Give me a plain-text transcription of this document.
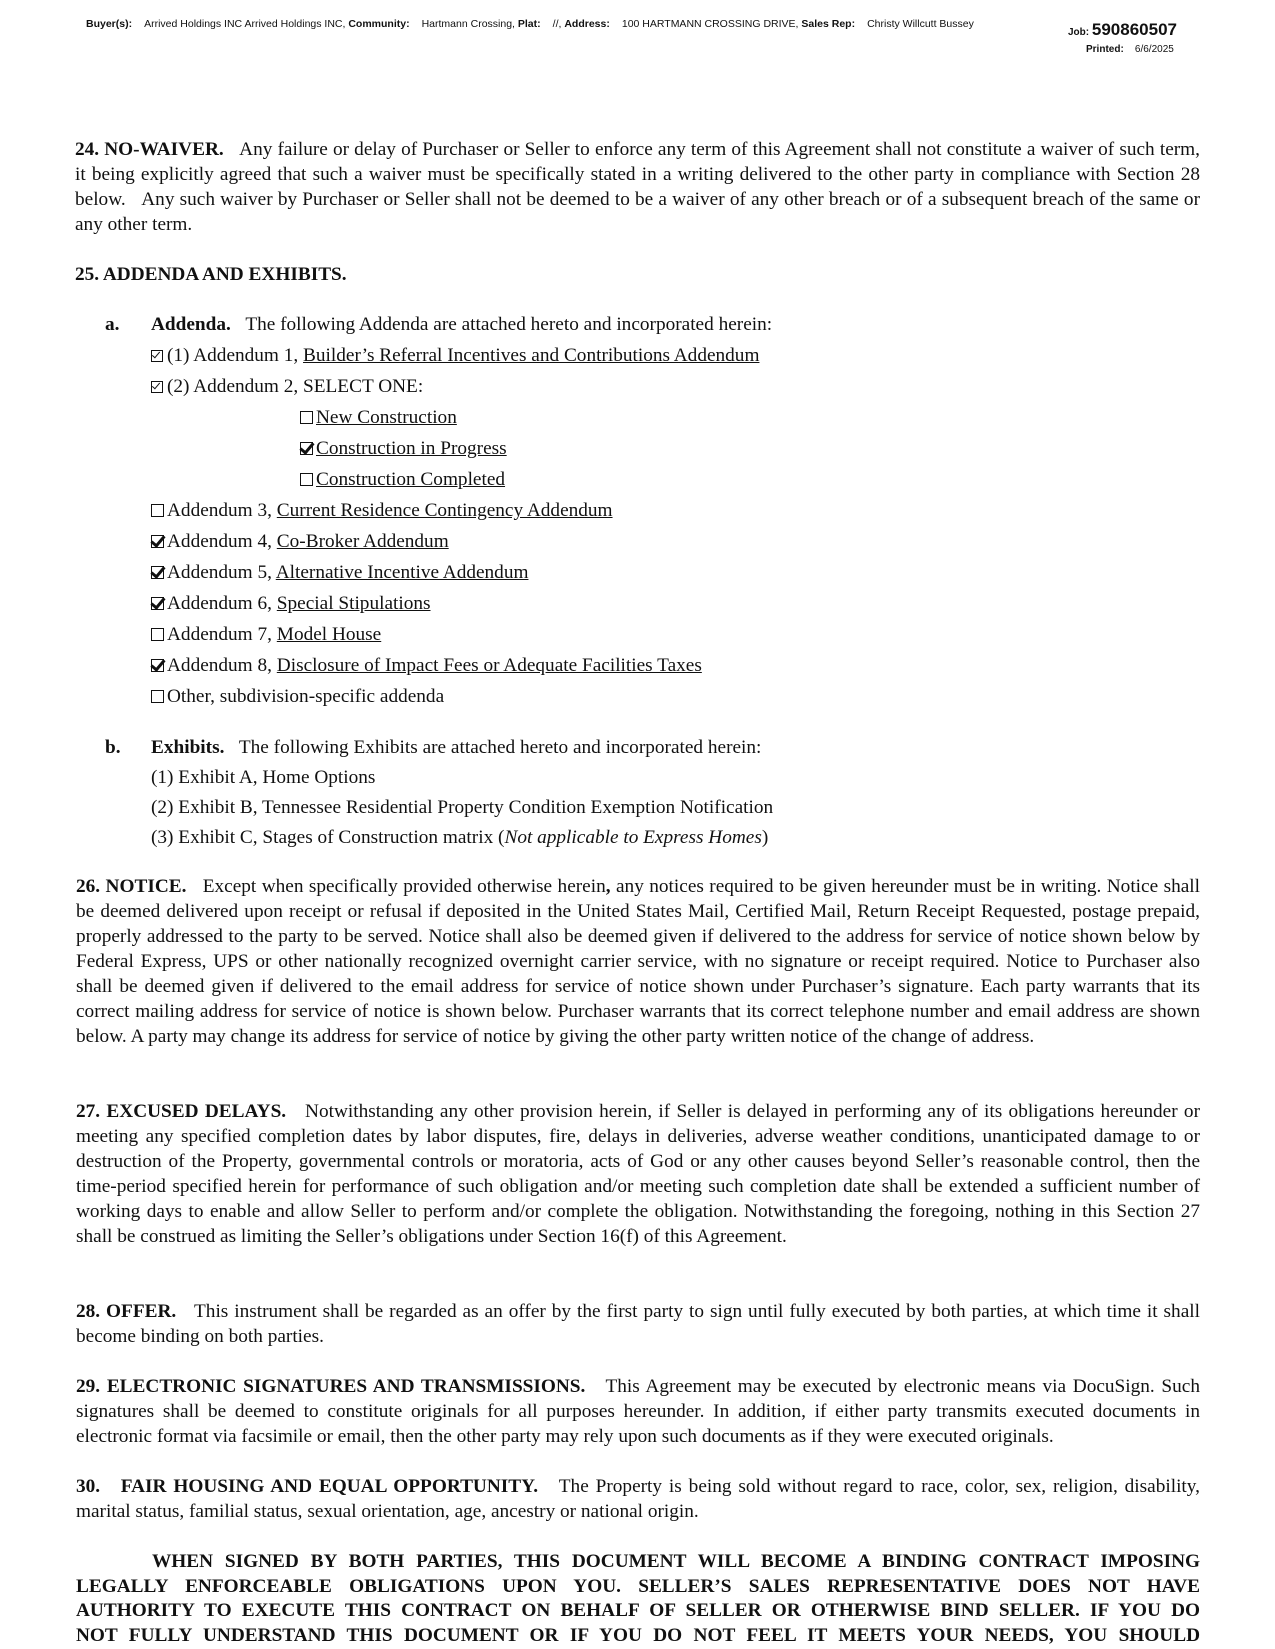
Buyer(s): Arrived Holdings INC Arrived Holdings INC, Community: Hartmann Crossing, Plat: //, Address: 100 HARTMANN CROSSING DRIVE, Sales Rep: Christy Willcutt Bussey
Job: 590860507
Printed: 6/6/2025

24. NO-WAIVER. Any failure or delay of Purchaser or Seller to enforce any term of this Agreement shall not constitute a waiver of such term, it being explicitly agreed that such a waiver must be specifically stated in a writing delivered to the other party in compliance with Section 28 below.   Any such waiver by Purchaser or Seller shall not be deemed to be a waiver of any other breach or of a subsequent breach of the same or any other term.

25. ADDENDA AND EXHIBITS.
a. Addenda. The following Addenda are attached hereto and incorporated herein:
(1) Addendum 1, Builder’s Referral Incentives and Contributions Addendum
(2) Addendum 2, SELECT ONE:
New Construction
Construction in Progress
Construction Completed
Addendum 3, Current Residence Contingency Addendum
Addendum 4, Co-Broker Addendum
Addendum 5, Alternative Incentive Addendum
Addendum 6, Special Stipulations
Addendum 7, Model House
Addendum 8, Disclosure of Impact Fees or Adequate Facilities Taxes
Other, subdivision-specific addenda
b. Exhibits. The following Exhibits are attached hereto and incorporated herein:
(1) Exhibit A, Home Options
(2) Exhibit B, Tennessee Residential Property Condition Exemption Notification
(3) Exhibit C, Stages of Construction matrix (Not applicable to Express Homes)

26. NOTICE. Except when specifically provided otherwise herein, any notices required to be given hereunder must be in writing. Notice shall be deemed delivered upon receipt or refusal if deposited in the United States Mail, Certified Mail, Return Receipt Requested, postage prepaid, properly addressed to the party to be served. Notice shall also be deemed given if delivered to the address for service of notice shown below by Federal Express, UPS or other nationally recognized overnight carrier service, with no signature or receipt required. Notice to Purchaser also shall be deemed given if delivered to the email address for service of notice shown under Purchaser’s signature. Each party warrants that its correct mailing address for service of notice is shown below. Purchaser warrants that its correct telephone number and email address are shown below. A party may change its address for service of notice by giving the other party written notice of the change of address.

27. EXCUSED DELAYS. Notwithstanding any other provision herein, if Seller is delayed in performing any of its obligations hereunder or meeting any specified completion dates by labor disputes, fire, delays in deliveries, adverse weather conditions, unanticipated damage to or destruction of the Property, governmental controls or moratoria, acts of God or any other causes beyond Seller’s reasonable control, then the time-period specified herein for performance of such obligation and/or meeting such completion date shall be extended a sufficient number of working days to enable and allow Seller to perform and/or complete the obligation. Notwithstanding the foregoing, nothing in this Section 27 shall be construed as limiting the Seller’s obligations under Section 16(f) of this Agreement.

28. OFFER. This instrument shall be regarded as an offer by the first party to sign until fully executed by both parties, at which time it shall become binding on both parties.

29. ELECTRONIC SIGNATURES AND TRANSMISSIONS. This Agreement may be executed by electronic means via DocuSign. Such signatures shall be deemed to constitute originals for all purposes hereunder. In addition, if either party transmits executed documents in electronic format via facsimile or email, then the other party may rely upon such documents as if they were executed originals.

30.   FAIR HOUSING AND EQUAL OPPORTUNITY. The Property is being sold without regard to race, color, sex, religion, disability, marital status, familial status, sexual orientation, age, ancestry or national origin.

WHEN SIGNED BY BOTH PARTIES, THIS DOCUMENT WILL BECOME A BINDING CONTRACT IMPOSING

LEGALLY ENFORCEABLE OBLIGATIONS UPON YOU. SELLER’S SALES REPRESENTATIVE DOES NOT HAVE

AUTHORITY TO EXECUTE THIS CONTRACT ON BEHALF OF SELLER OR OTHERWISE BIND SELLER. IF YOU DO

NOT FULLY UNDERSTAND THIS DOCUMENT OR IF YOU DO NOT FEEL IT MEETS YOUR NEEDS, YOU SHOULD
